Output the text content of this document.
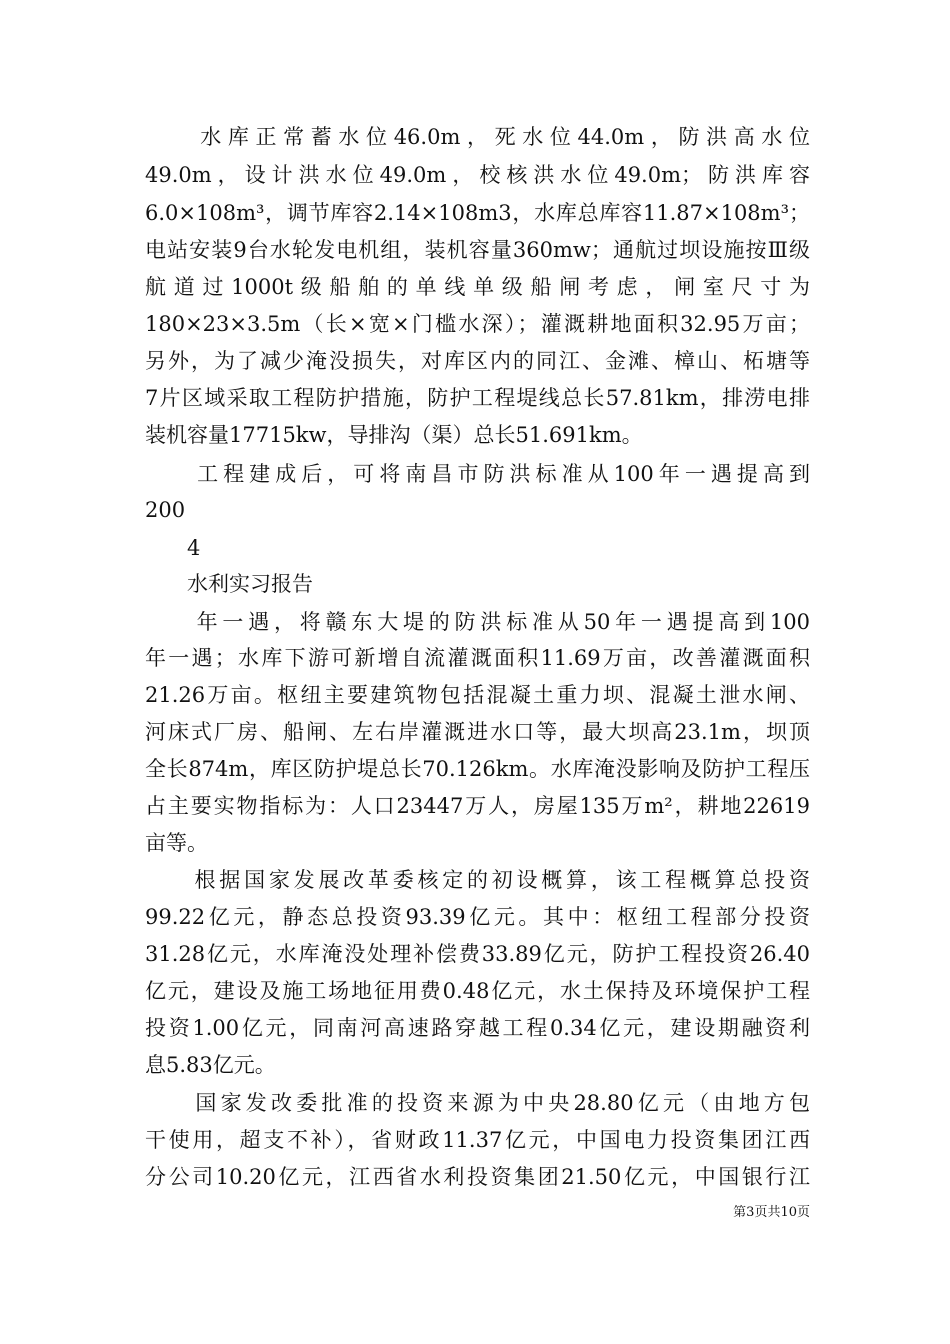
　　水库正常蓄水位46.0m，死水位44.0m，防洪高水位
49.0m，设计洪水位49.0m，校核洪水位49.0m；防洪库容
6.0×108m³，调节库容2.14×108m3，水库总库容11.87×108m³；
电站安装9台水轮发电机组，装机容量360mw；通航过坝设施按Ⅲ级
航道过1000t级船舶的单线单级船闸考虑，闸室尺寸为
180×23×3.5m（长×宽×门槛水深）；灌溉耕地面积32.95万亩；
另外，为了减少淹没损失，对库区内的同江、金滩、樟山、柘塘等
7片区域采取工程防护措施，防护工程堤线总长57.81km，排涝电排
装机容量17715kw，导排沟（渠）总长51.691km。
　　工程建成后，可将南昌市防洪标准从100年一遇提高到
200
　　4
　　水利实习报告
　　年一遇，将赣东大堤的防洪标准从50年一遇提高到100
年一遇；水库下游可新增自流灌溉面积11.69万亩，改善灌溉面积
21.26万亩。枢纽主要建筑物包括混凝土重力坝、混凝土泄水闸、
河床式厂房、船闸、左右岸灌溉进水口等，最大坝高23.1m，坝顶
全长874m，库区防护堤总长70.126km。水库淹没影响及防护工程压
占主要实物指标为：人口23447万人，房屋135万m²，耕地22619
亩等。
　　根据国家发展改革委核定的初设概算，该工程概算总投资
99.22亿元，静态总投资93.39亿元。其中：枢纽工程部分投资
31.28亿元，水库淹没处理补偿费33.89亿元，防护工程投资26.40
亿元，建设及施工场地征用费0.48亿元，水土保持及环境保护工程
投资1.00亿元，同南河高速路穿越工程0.34亿元，建设期融资利
息5.83亿元。
　　国家发改委批准的投资来源为中央28.80亿元（由地方包
干使用，超支不补），省财政11.37亿元，中国电力投资集团江西
分公司10.20亿元，江西省水利投资集团21.50亿元，中国银行江
第3页共10页
